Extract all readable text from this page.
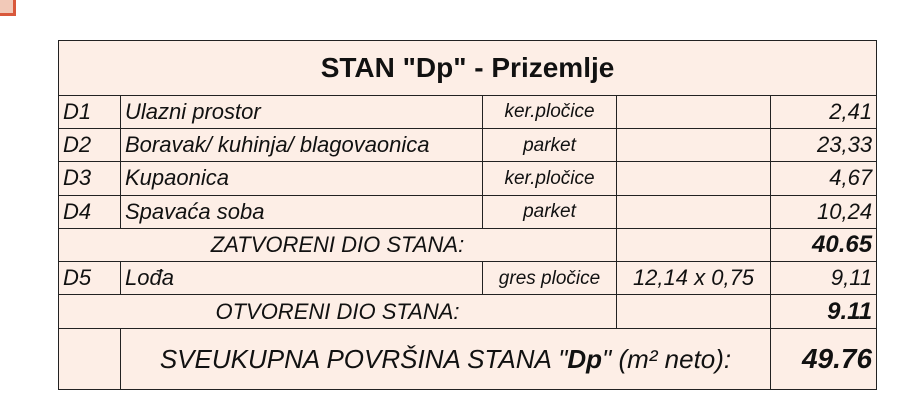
STAN "Dp" - Prizemlje				
D1	Ulazni prostor	ker.pločice		2,41
D2	Boravak/ kuhinja/ blagovaonica	parket		23,33
D3	Kupaonica	ker.pločice		4,67
D4	Spavaća soba	parket		10,24
ZATVORENI DIO STANA:				40.65
D5	Lođa	gres pločice	12,14 x 0,75	9,11
OTVORENI DIO STANA:				9.11
	SVEUKUPNA POVRŠINA STANA "Dp" (m² neto):			49.76
